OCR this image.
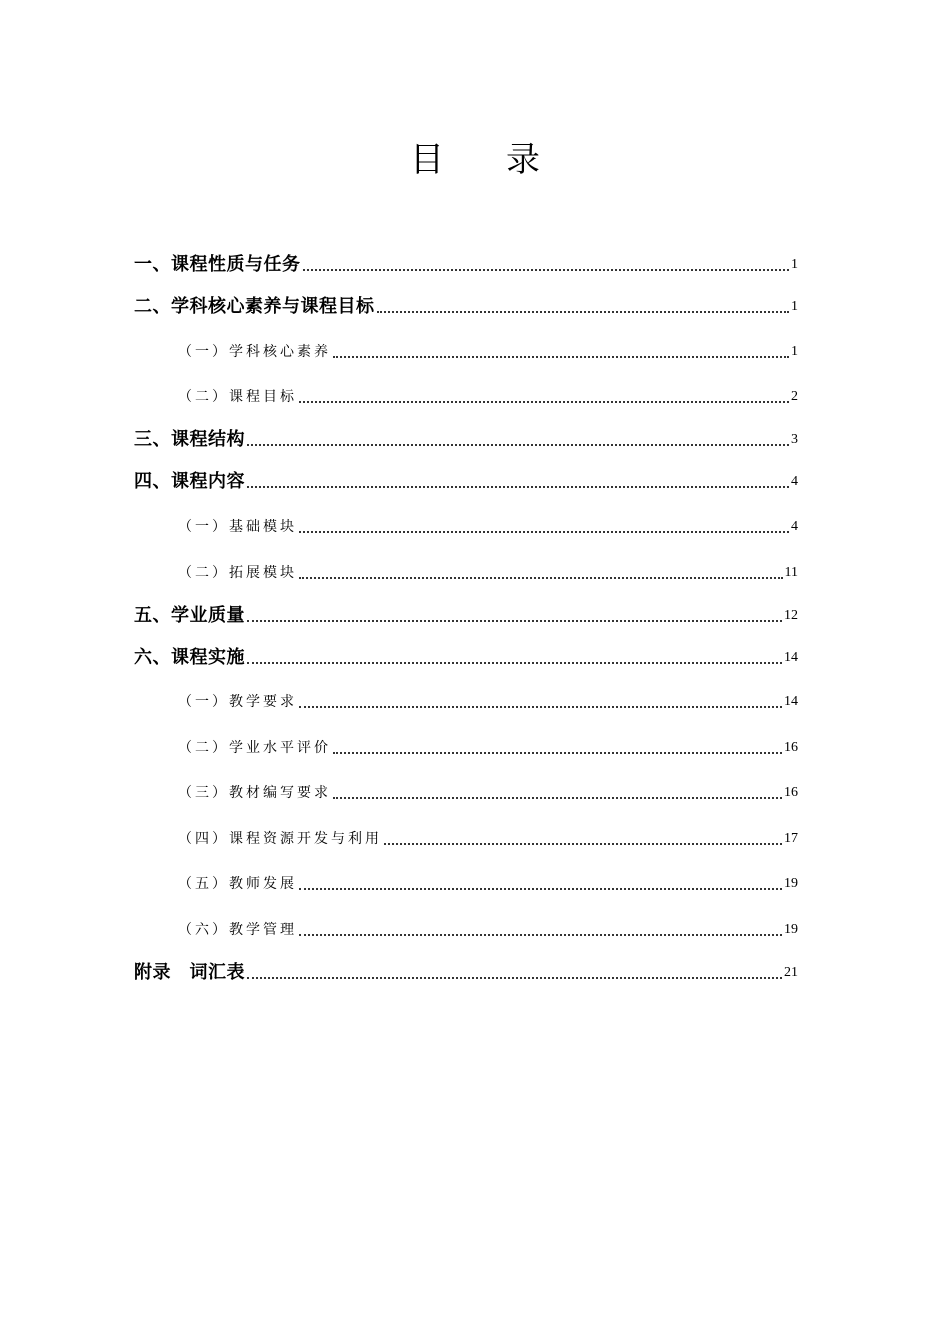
目录
一、课程性质与任务	1
二、学科核心素养与课程目标	1
（一）学科核心素养	1
（二）课程目标	2
三、课程结构	3
四、课程内容	4
（一）基础模块	4
（二）拓展模块	11
五、学业质量	12
六、课程实施	14
（一）教学要求	14
（二）学业水平评价	16
（三）教材编写要求	16
（四）课程资源开发与利用	17
（五）教师发展	19
（六）教学管理	19
附录　词汇表	21
